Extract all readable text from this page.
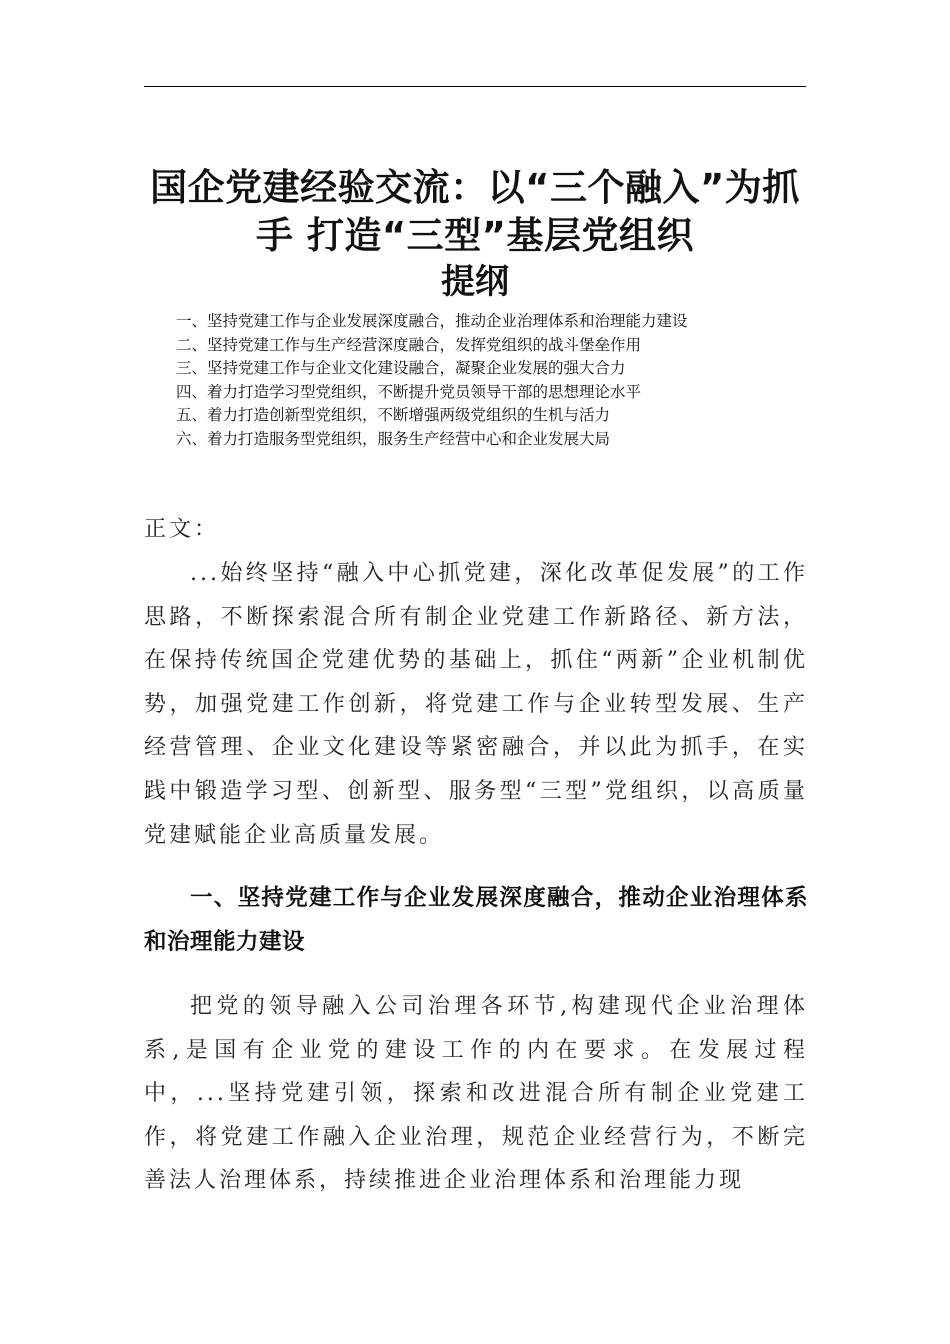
国企党建经验交流：以“三个融入”为抓
手 打造“三型”基层党组织
提纲
一、坚持党建工作与企业发展深度融合，推动企业治理体系和治理能力建设
二、坚持党建工作与生产经营深度融合，发挥党组织的战斗堡垒作用
三、坚持党建工作与企业文化建设融合，凝聚企业发展的强大合力
四、着力打造学习型党组织，不断提升党员领导干部的思想理论水平
五、着力打造创新型党组织，不断增强两级党组织的生机与活力
六、着力打造服务型党组织，服务生产经营中心和企业发展大局

正文：

...始终坚持“融入中心抓党建，深化改革促发展”的工作思路，不断探索混合所有制企业党建工作新路径、新方法，在保持传统国企党建优势的基础上，抓住“两新”企业机制优势，加强党建工作创新，将党建工作与企业转型发展、生产经营管理、企业文化建设等紧密融合，并以此为抓手，在实践中锻造学习型、创新型、服务型“三型”党组织，以高质量党建赋能企业高质量发展。

一、坚持党建工作与企业发展深度融合，推动企业治理体系和治理能力建设

把党的领导融入公司治理各环节,构建现代企业治理体系,是国有企业党的建设工作的内在要求。在发展过程中，...坚持党建引领，探索和改进混合所有制企业党建工作，将党建工作融入企业治理，规范企业经营行为，不断完善法人治理体系，持续推进企业治理体系和治理能力现
